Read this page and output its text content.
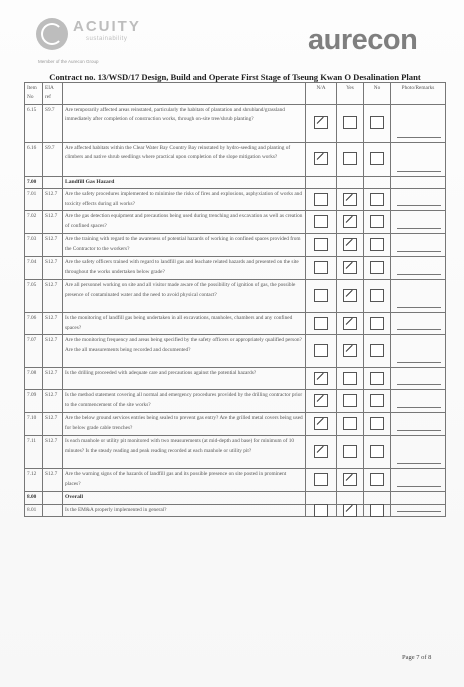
ACUITY
sustainability
Member of the Aurecon Group
aurecon
Contract no. 13/WSD/17 Design, Build and Operate First Stage of Tseung Kwan O Desalination Plant
Item No	EIA ref		N/A	Yes	No	Photo/Remarks
6.15	S9.7	Are temporarily affected areas reinstated, particularly the habitats of plantation and shrubland/grassland immediately after completion of construction works, through on-site tree/shrub planting?	

6.16	S9.7	Are affected habitats within the Clear Water Bay Country Bay reinstated by hydro-seeding and planting of climbers and native shrub seedlings where practical upon completion of the slope mitigation works?	

7.00		Landfill Gas Hazard				
7.01	S12.7	Are the safety procedures implemented to minimise the risks of fires and explosions, asphyxiation of works and toxicity effects during all works?	

7.02	S12.7	Are the gas detection equipment and precautions being used during trenching and excavation as well as creation of confined spaces?	

7.03	S12.7	Are the training with regard to the awareness of potential hazards of working in confined spaces provided from the Contractor to the workers?	

7.04	S12.7	Are the safety officers trained with regard to landfill gas and leachate related hazards and presented on the site throughout the works undertaken below grade?	

7.05	S12.7	Are all personnel working on site and all visitor made aware of the possibility of ignition of gas, the possible presence of contaminated water and the need to avoid physical contact?	

7.06	S12.7	Is the monitoring of landfill gas being undertaken in all excavations, manholes, chambers and any confined spaces?	

7.07	S12.7	Are the monitoring frequency and areas being specified by the safety officers or appropriately qualified person? Are the all measurements being recorded and documented?	

7.08	S12.7	Is the drilling proceeded with adequate care and precautions against the potential hazards?	

7.09	S12.7	Is the method statement covering all normal and emergency procedures provided by the drilling contractor prior to the commencement of the site works?	

7.10	S12.7	Are the below ground services entries being sealed to prevent gas entry? Are the grilled metal covers being used for below grade cable trenches?	

7.11	S12.7	Is each manhole or utility pit monitored with two measurements (at mid-depth and base) for minimum of 10 minutes? Is the steady reading and peak reading recorded at each manhole or utility pit?	

7.12	S12.7	Are the warning signs of the hazards of landfill gas and its possible presence on site posted in prominent places?	

8.00		Overall				
8.01		Is the EM&A properly implemented in general?	

Page 7 of 8
